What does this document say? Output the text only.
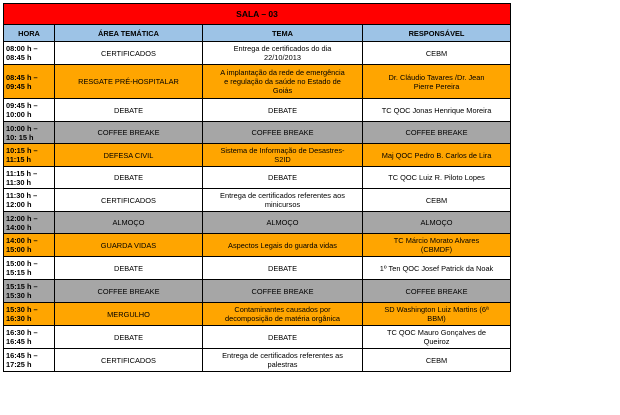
SALA – 03			
HORA	ÁREA TEMÁTICA	TEMA	RESPONSÁVEL
08:00 h –
08:45 h	CERTIFICADOS	Entrega de certificados do dia
22/10/2013	CEBM
08:45 h –
09:45 h	RESGATE PRÉ-HOSPITALAR	A implantação da rede de emergência
e regulação da saúde no Estado de
Goiás	Dr. Cláudio Tavares /Dr. Jean
Pierre Pereira
09:45 h –
10:00 h	DEBATE	DEBATE	TC QOC Jonas Henrique Moreira
10:00 h –
10: 15 h	COFFEE BREAKE	COFFEE BREAKE	COFFEE BREAKE
10:15 h –
11:15 h	DEFESA CIVIL	Sistema de Informação de Desastres-
S2ID	Maj QOC Pedro B. Carlos de Lira
11:15 h –
11:30 h	DEBATE	DEBATE	TC QOC Luiz R. Piloto Lopes
11:30 h –
12:00 h	CERTIFICADOS	Entrega de certificados referentes aos
minicursos	CEBM
12:00 h –
14:00 h	ALMOÇO	ALMOÇO	ALMOÇO
14:00 h –
15:00 h	GUARDA VIDAS	Aspectos Legais do guarda vidas	TC Márcio Morato Alvares
(CBMDF)
15:00 h –
15:15 h	DEBATE	DEBATE	1º Ten QOC Josef Patrick da Noak
15:15 h –
15:30 h	COFFEE BREAKE	COFFEE BREAKE	COFFEE BREAKE
15:30 h –
16:30 h	MERGULHO	Contaminantes causados por
decomposição de matéria orgânica	SD Washington Luiz Martins (6ª
BBM)
16:30 h –
16:45 h	DEBATE	DEBATE	TC QOC Mauro Gonçalves de
Queiroz
16:45 h –
17:25 h	CERTIFICADOS	Entrega de certificados referentes as
palestras	CEBM
